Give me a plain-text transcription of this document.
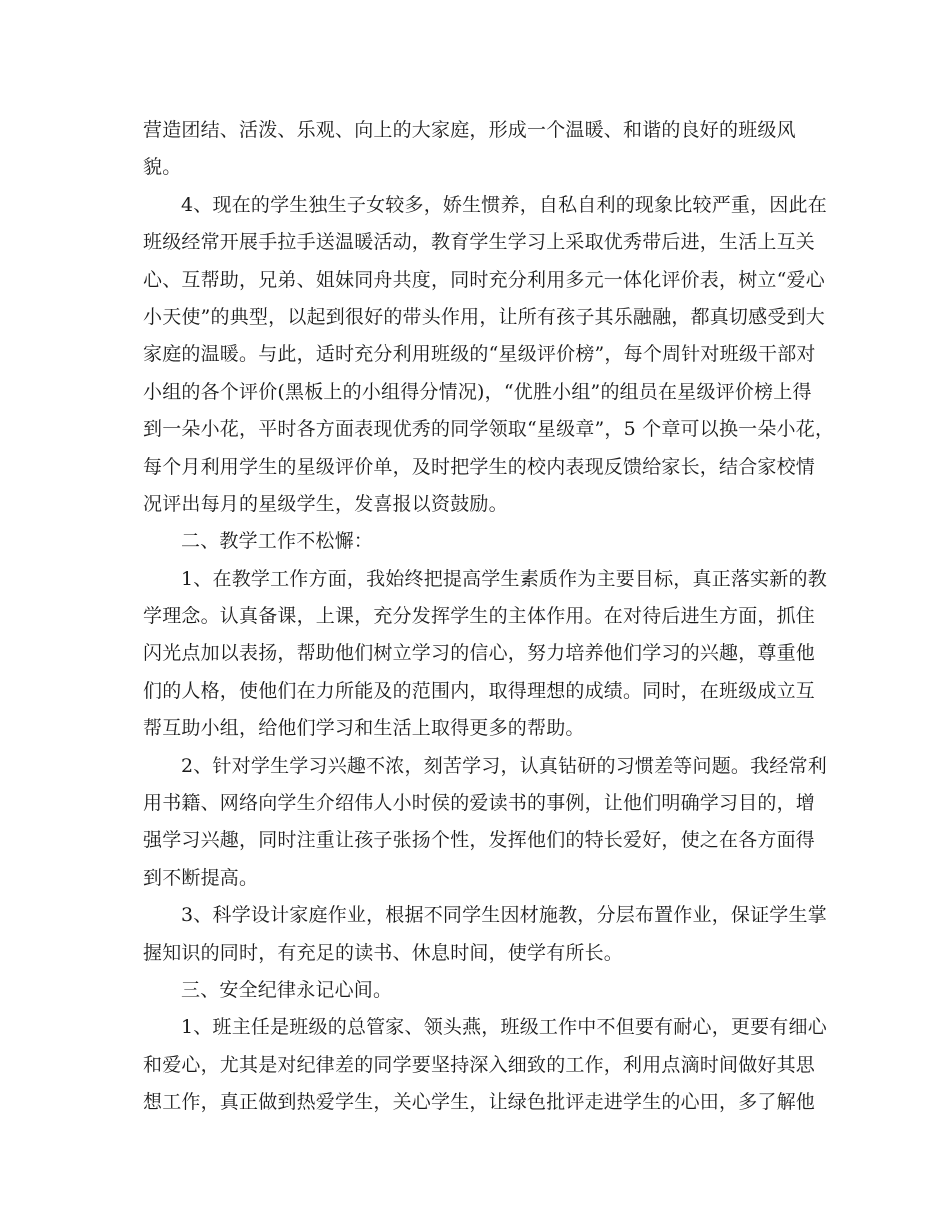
营造团结、活泼、乐观、向上的大家庭，形成一个温暖、和谐的良好的班级风
貌。
4、现在的学生独生子女较多，娇生惯养，自私自利的现象比较严重，因此在
班级经常开展手拉手送温暖活动，教育学生学习上采取优秀带后进，生活上互关
心、互帮助，兄弟、姐妹同舟共度，同时充分利用多元一体化评价表，树立“爱心
小天使”的典型，以起到很好的带头作用，让所有孩子其乐融融，都真切感受到大
家庭的温暖。与此，适时充分利用班级的“星级评价榜”，每个周针对班级干部对
小组的各个评价(黑板上的小组得分情况)，“优胜小组”的组员在星级评价榜上得
到一朵小花，平时各方面表现优秀的同学领取“星级章”，5 个章可以换一朵小花，
每个月利用学生的星级评价单，及时把学生的校内表现反馈给家长，结合家校情
况评出每月的星级学生，发喜报以资鼓励。
二、教学工作不松懈：
1、在教学工作方面，我始终把提高学生素质作为主要目标，真正落实新的教
学理念。认真备课，上课，充分发挥学生的主体作用。在对待后进生方面，抓住
闪光点加以表扬，帮助他们树立学习的信心，努力培养他们学习的兴趣，尊重他
们的人格，使他们在力所能及的范围内，取得理想的成绩。同时，在班级成立互
帮互助小组，给他们学习和生活上取得更多的帮助。
2、针对学生学习兴趣不浓，刻苦学习，认真钻研的习惯差等问题。我经常利
用书籍、网络向学生介绍伟人小时侯的爱读书的事例，让他们明确学习目的，增
强学习兴趣，同时注重让孩子张扬个性，发挥他们的特长爱好，使之在各方面得
到不断提高。
3、科学设计家庭作业，根据不同学生因材施教，分层布置作业，保证学生掌
握知识的同时，有充足的读书、休息时间，使学有所长。
三、安全纪律永记心间。
1、班主任是班级的总管家、领头燕，班级工作中不但要有耐心，更要有细心
和爱心，尤其是对纪律差的同学要坚持深入细致的工作，利用点滴时间做好其思
想工作，真正做到热爱学生，关心学生，让绿色批评走进学生的心田，多了解他
